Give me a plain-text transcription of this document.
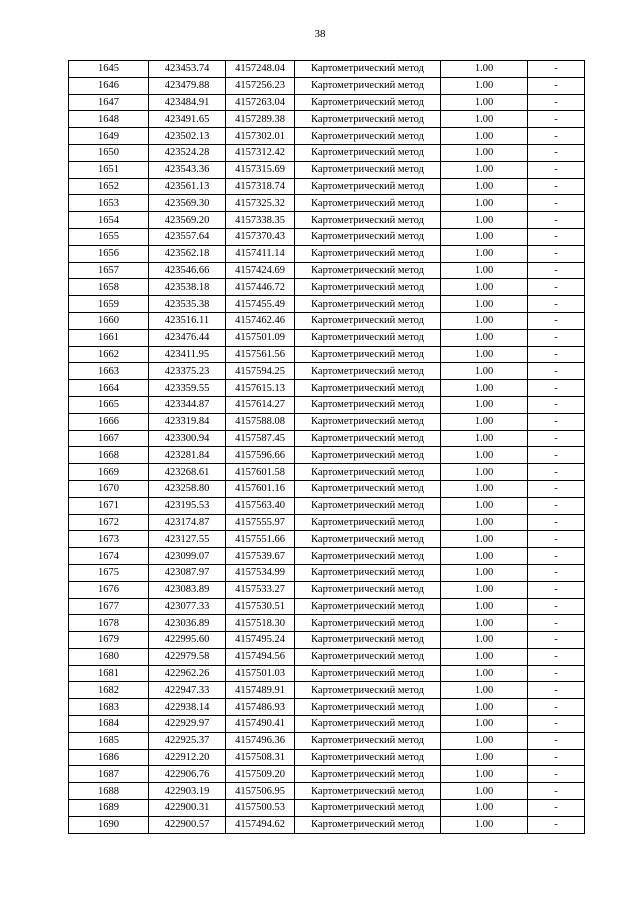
38
1645	423453.74	4157248.04	Картометрический метод	1.00	-
1646	423479.88	4157256.23	Картометрический метод	1.00	-
1647	423484.91	4157263.04	Картометрический метод	1.00	-
1648	423491.65	4157289.38	Картометрический метод	1.00	-
1649	423502.13	4157302.01	Картометрический метод	1.00	-
1650	423524.28	4157312.42	Картометрический метод	1.00	-
1651	423543.36	4157315.69	Картометрический метод	1.00	-
1652	423561.13	4157318.74	Картометрический метод	1.00	-
1653	423569.30	4157325.32	Картометрический метод	1.00	-
1654	423569.20	4157338.35	Картометрический метод	1.00	-
1655	423557.64	4157370.43	Картометрический метод	1.00	-
1656	423562.18	4157411.14	Картометрический метод	1.00	-
1657	423546.66	4157424.69	Картометрический метод	1.00	-
1658	423538.18	4157446.72	Картометрический метод	1.00	-
1659	423535.38	4157455.49	Картометрический метод	1.00	-
1660	423516.11	4157462.46	Картометрический метод	1.00	-
1661	423476.44	4157501.09	Картометрический метод	1.00	-
1662	423411.95	4157561.56	Картометрический метод	1.00	-
1663	423375.23	4157594.25	Картометрический метод	1.00	-
1664	423359.55	4157615.13	Картометрический метод	1.00	-
1665	423344.87	4157614.27	Картометрический метод	1.00	-
1666	423319.84	4157588.08	Картометрический метод	1.00	-
1667	423300.94	4157587.45	Картометрический метод	1.00	-
1668	423281.84	4157596.66	Картометрический метод	1.00	-
1669	423268.61	4157601.58	Картометрический метод	1.00	-
1670	423258.80	4157601.16	Картометрический метод	1.00	-
1671	423195.53	4157563.40	Картометрический метод	1.00	-
1672	423174.87	4157555.97	Картометрический метод	1.00	-
1673	423127.55	4157551.66	Картометрический метод	1.00	-
1674	423099.07	4157539.67	Картометрический метод	1.00	-
1675	423087.97	4157534.99	Картометрический метод	1.00	-
1676	423083.89	4157533.27	Картометрический метод	1.00	-
1677	423077.33	4157530.51	Картометрический метод	1.00	-
1678	423036.89	4157518.30	Картометрический метод	1.00	-
1679	422995.60	4157495.24	Картометрический метод	1.00	-
1680	422979.58	4157494.56	Картометрический метод	1.00	-
1681	422962.26	4157501.03	Картометрический метод	1.00	-
1682	422947.33	4157489.91	Картометрический метод	1.00	-
1683	422938.14	4157486.93	Картометрический метод	1.00	-
1684	422929.97	4157490.41	Картометрический метод	1.00	-
1685	422925.37	4157496.36	Картометрический метод	1.00	-
1686	422912.20	4157508.31	Картометрический метод	1.00	-
1687	422906.76	4157509.20	Картометрический метод	1.00	-
1688	422903.19	4157506.95	Картометрический метод	1.00	-
1689	422900.31	4157500.53	Картометрический метод	1.00	-
1690	422900.57	4157494.62	Картометрический метод	1.00	-
